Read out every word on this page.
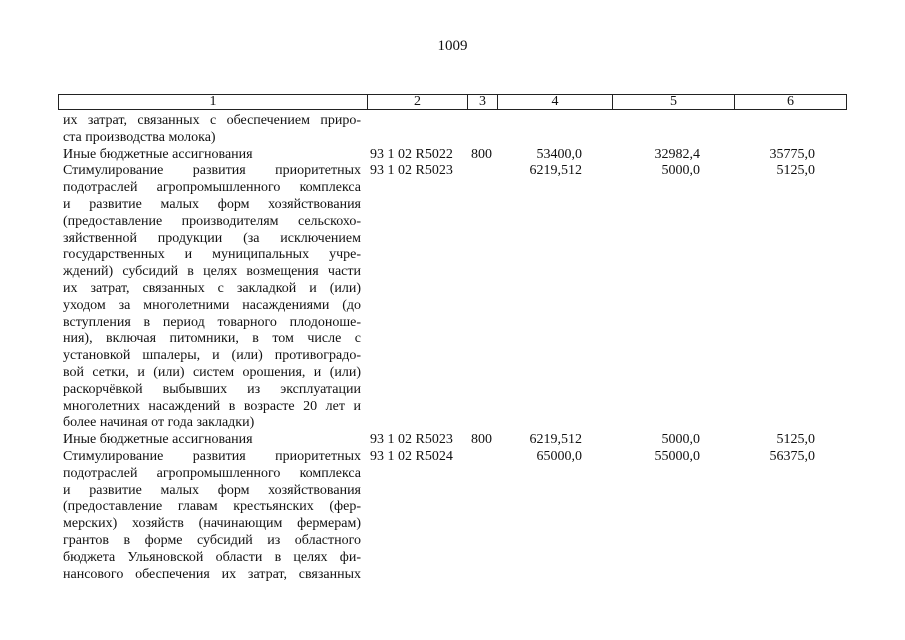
1009
1	2	3	4	5	6
их затрат, связанных с обеспечением приро-
ста производства молока)
Иные бюджетные ассигнования	93 1 02 R5022 800	53400,0	32982,4	35775,0
Стимулирование развития приоритетных
подотраслей агропромышленного комплекса
и развитие малых форм хозяйствования
(предоставление производителям сельскохо-
зяйственной продукции (за исключением
государственных и муниципальных учре-
ждений) субсидий в целях возмещения части
их затрат, связанных с закладкой и (или)
уходом за многолетними насаждениями (до
вступления в период товарного плодоноше-
ния), включая питомники, в том числе с
установкой шпалеры, и (или) противоградо-
вой сетки, и (или) систем орошения, и (или)
раскорчёвкой выбывших из эксплуатации
многолетних насаждений в возрасте 20 лет и
более начиная от года закладки)
93 1 02 R5023	6219,512	5000,0	5125,0
Иные бюджетные ассигнования	93 1 02 R5023 800	6219,512	5000,0	5125,0
Стимулирование развития приоритетных
подотраслей агропромышленного комплекса
и развитие малых форм хозяйствования
(предоставление главам крестьянских (фер-
мерских) хозяйств (начинающим фермерам)
грантов в форме субсидий из областного
бюджета Ульяновской области в целях фи-
нансового обеспечения их затрат, связанных
93 1 02 R5024	65000,0	55000,0	56375,0
